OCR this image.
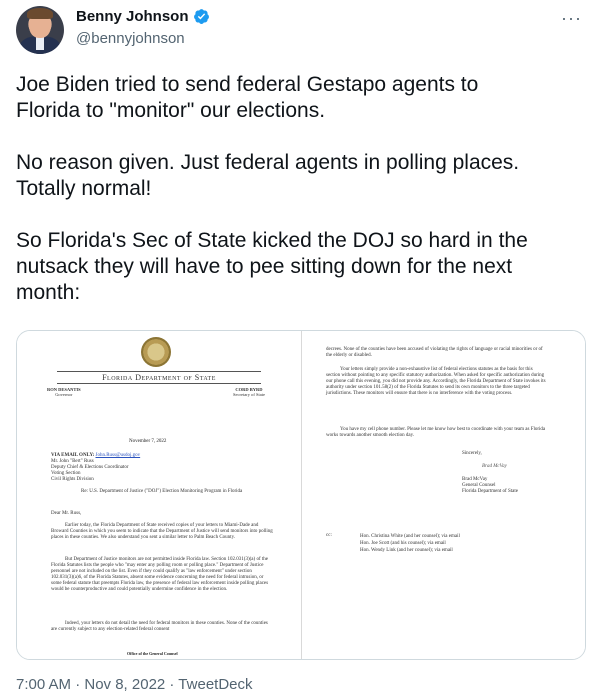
Benny Johnson
@bennyjohnson
···

Joe Biden tried to send federal Gestapo agents to
Florida to "monitor" our elections.

No reason given. Just federal agents in polling places.
Totally normal!

So Florida's Sec of State kicked the DOJ so hard in the
nutsack they will have to pee sitting down for the next
month:

Florida Department of State
RON DESANTIS
Governor
CORD BYRD
Secretary of State
November 7, 2022
VIA EMAIL ONLY: John.Russ@usdoj.gov
Mr. John "Bert" Russ
Deputy Chief & Elections Coordinator
Voting Section
Civil Rights Division
Re: U.S. Department of Justice ("DOJ") Election Monitoring Program in Florida
Dear Mr. Russ,
Earlier today, the Florida Department of State received copies of your letters to Miami-Dade and Broward Counties in which you seem to indicate that the Department of Justice will send monitors into polling places in these counties. We also understand you sent a similar letter to Palm Beach County.
But Department of Justice monitors are not permitted inside Florida law. Section 102.031(3)(a) of the Florida Statutes lists the people who "may enter any polling room or polling place." Department of Justice personnel are not included on the list. Even if they could qualify as "law enforcement" under section 102.031(3)(a)6, of the Florida Statutes, absent some evidence concerning the need for federal intrusion, or some federal statute that preempts Florida law, the presence of federal law enforcement inside polling places would be counterproductive and could potentially undermine confidence in the election.
Indeed, your letters do not detail the need for federal monitors in these counties. None of the counties are currently subject to any election-related federal consent
Office of the General Counsel
decrees. None of the counties have been accused of violating the rights of language or racial minorities or of the elderly or disabled.
Your letters simply provide a non-exhaustive list of federal elections statutes as the basis for this section without pointing to any specific statutory authorization. When asked for specific authorization during our phone call this evening, you did not provide any. Accordingly, the Florida Department of State invokes its authority under section 101.58(2) of the Florida Statutes to send its own monitors to the three targeted jurisdictions. These monitors will ensure that there is no interference with the voting process.
You have my cell phone number. Please let me know how best to coordinate with your team as Florida works towards another smooth election day.
Sincerely,
Brad McVay
Brad McVay
General Counsel
Florida Department of State
cc:	Hon. Christina White (and her counsel); via email
Hon. Joe Scott (and his counsel); via email
Hon. Wendy Link (and her counsel); via email
7:00 AM · Nov 8, 2022 · TweetDeck
